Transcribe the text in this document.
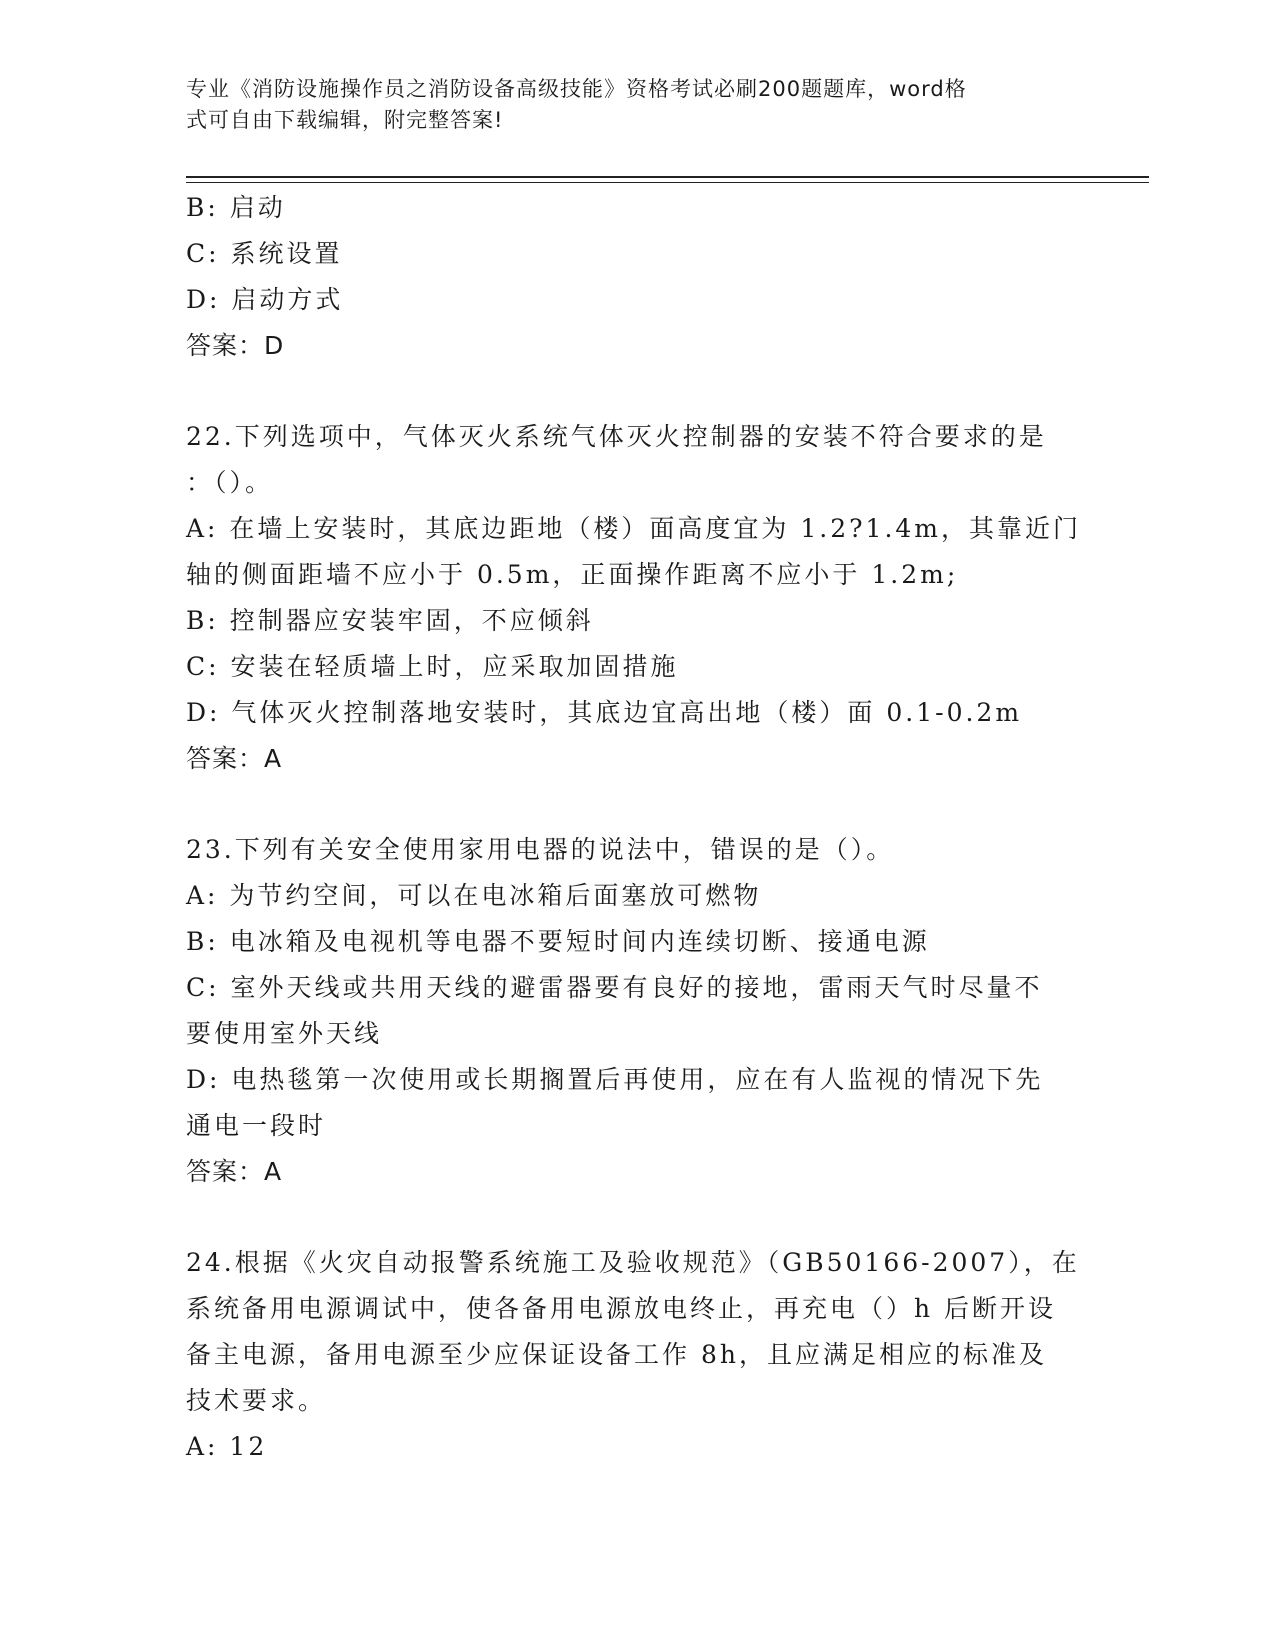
专业《消防设施操作员之消防设备高级技能》资格考试必刷200题题库，word格
式可自由下载编辑，附完整答案!
B: 启动
C: 系统设置
D: 启动方式
答案：D
22.下列选项中，气体灭火系统气体灭火控制器的安装不符合要求的是
：（）。
A: 在墙上安装时，其底边距地（楼）面高度宜为 1.2?1.4m，其靠近门
轴的侧面距墙不应小于 0.5m，正面操作距离不应小于 1.2m;
B: 控制器应安装牢固，不应倾斜
C: 安装在轻质墙上时，应采取加固措施
D: 气体灭火控制落地安装时，其底边宜高出地（楼）面 0.1-0.2m
答案：A
23.下列有关安全使用家用电器的说法中，错误的是（）。
A: 为节约空间，可以在电冰箱后面塞放可燃物
B: 电冰箱及电视机等电器不要短时间内连续切断、接通电源
C: 室外天线或共用天线的避雷器要有良好的接地，雷雨天气时尽量不
要使用室外天线
D: 电热毯第一次使用或长期搁置后再使用，应在有人监视的情况下先
通电一段时
答案：A
24.根据《火灾自动报警系统施工及验收规范》（GB50166-2007），在
系统备用电源调试中，使各备用电源放电终止，再充电（）h 后断开设
备主电源，备用电源至少应保证设备工作 8h，且应满足相应的标准及
技术要求。
A: 12
